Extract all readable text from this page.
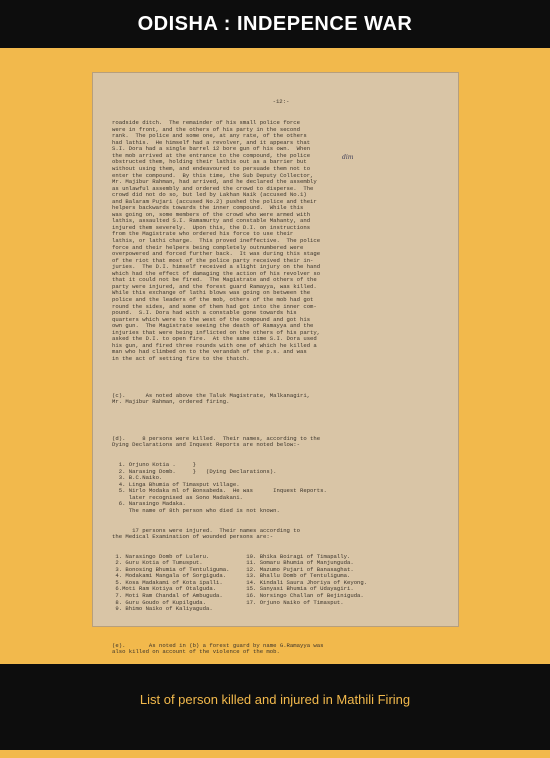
ODISHA : INDEPENCE WAR

-12:-

roadside ditch.  The remainder of his small police force
were in front, and the others of his party in the second
rank.  The police and some one, at any rate, of the others
had lathis.  He himself had a revolver, and it appears that
S.I. Dora had a single barrel 12 bore gun of his own.  When
the mob arrived at the entrance to the compound, the police
obstructed them, holding their lathis out as a barrier but
without using them, and endeavoured to persuade them not to
enter the compound.  By this time, the Sub Deputy Collector,
Mr. Majibur Rahman, had arrived, and he declared the assembly
as unlawful assembly and ordered the crowd to disperse.  The
crowd did not do so, but led by Lakhan Naik (accused No.1)
and Balaram Pujari (accused No.2) pushed the police and their
helpers backwards towards the inner compound.  While this
was going on, some members of the crowd who were armed with
lathis, assaulted S.I. Ramamurty and constable Mahanty, and
injured them severely.  Upon this, the D.I. on instructions
from the Magistrate who ordered his force to use their
lathis, or lathi charge.  This proved ineffective.  The police
force and their helpers being completely outnumbered were
overpowered and forced further back.  It was during this stage
of the riot that most of the police party received their in-
juries.  The D.I. himself received a slight injury on the hand
which had the effect of damaging the action of his revolver so
that it could not be fired.  The Magistrate and others of the
party were injured, and the forest guard Ramayya, was killed.
While this exchange of lathi blows was going on between the
police and the leaders of the mob, others of the mob had got
round the sides, and some of them had got into the inner com-
pound.  S.I. Dora had with a constable gone towards his
quarters which were to the west of the compound and got his
own gun.  The Magistrate seeing the death of Ramayya and the
injuries that were being inflicted on the others of his party,
asked the D.I. to open fire.  At the same time S.I. Dora used
his gun, and fired three rounds with one of which he killed a
man who had climbed on to the verandah of the p.s. and was
in the act of setting fire to the thatch.

(c).      As noted above the Taluk Magistrate, Malkanagiri,
Mr. Majibur Rahman, ordered firing.

(d).     8 persons were killed.  Their names, according to the
Dying Declarations and Inquest Reports are noted below:-

1. Orjuno Kotia .     }
2. Narasing Domb.     }   (Dying Declarations).
3. B.C.Naiko.
4. Linga Bhumia of Timasput village.
5. Nirlo Modaka ml of Bonsabeda.  He was      Inquest Reports.
later recognised as Sono Madakani.
6. Narasingo Madaka.
The name of 8th person who died is not known.

17 persons were injured.  Their names according to
the Medical Examination of wounded persons are:-

1. Narasingo Domb of Luleru.           10. Bhika Boiragi of Timapally.
2. Guru Kotia of Tumusput.             11. Somaru Bhumia of Manjunguda.
3. Bonosing Bhumia of Tentuliguma.     12. Mazumo Pujari of Banasaghat.
4. Modakami Mangala of Sorgiguda.      13. Bhallu Domb of Tentuliguma.
5. Kosa Madakami of Kota ipalli.       14. Kindali Saura Jhoriya of Keyong.
6.Moti Ram Kotiya of Otalguda.         15. Sanyasi Bhumia of Udayagiri.
7. Moti Ram Chandal of Ambuguda.       16. Norsingo Challan of Bejiniguda.
8. Guru Goudo of Kupilguda.            17. Orjuno Naiko of Timasput.
9. Bhimo Naiko of Kaliyaguda.

(e).       As noted in (b) a forest guard by name G.Ramayya was
also killed on account of the violence of the mob.

dim
List of person killed and injured in Mathili Firing
